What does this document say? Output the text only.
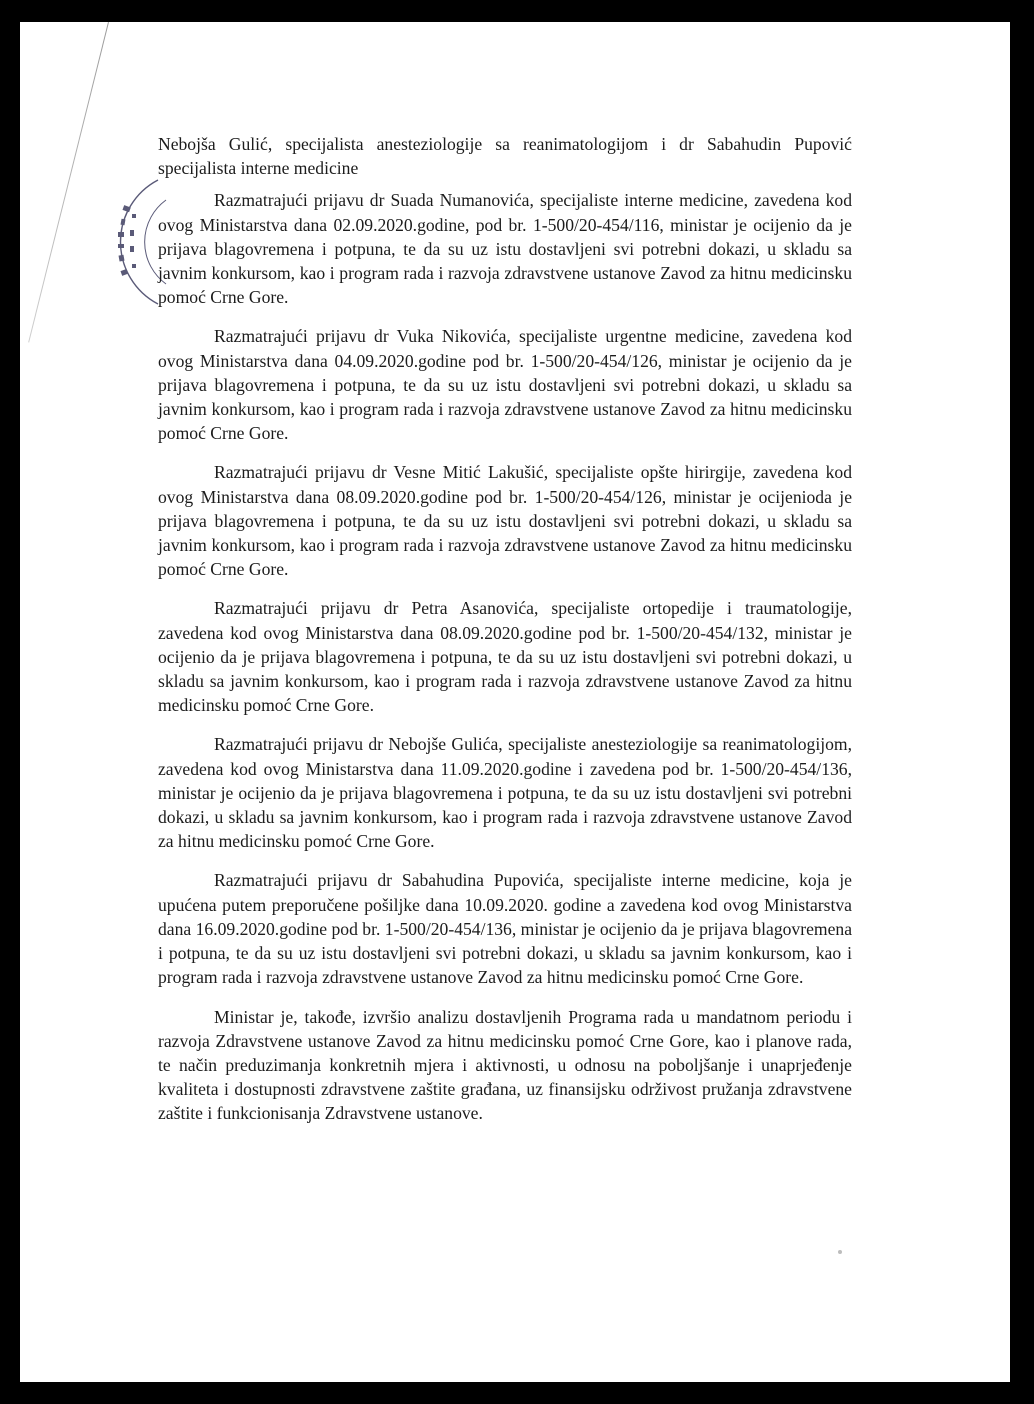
Nebojša Gulić, specijalista anesteziologije sa reanimatologijom i dr Sabahudin Pupović specijalista interne medicine

Razmatrajući prijavu dr Suada Numanovića, specijaliste interne medicine, zavedena kod ovog Ministarstva dana 02.09.2020.godine, pod br. 1-500/20-454/116, ministar je ocijenio da je prijava blagovremena i potpuna, te da su uz istu dostavljeni svi potrebni dokazi, u skladu sa javnim konkursom, kao i program rada i razvoja zdravstvene ustanove Zavod za hitnu medicinsku pomoć Crne Gore.

Razmatrajući prijavu dr Vuka Nikovića, specijaliste urgentne medicine, zavedena kod ovog Ministarstva dana 04.09.2020.godine pod br. 1-500/20-454/126, ministar je ocijenio da je prijava blagovremena i potpuna, te da su uz istu dostavljeni svi potrebni dokazi, u skladu sa javnim konkursom, kao i program rada i razvoja zdravstvene ustanove Zavod za hitnu medicinsku pomoć Crne Gore.

Razmatrajući prijavu dr Vesne Mitić Lakušić, specijaliste opšte hirirgije, zavedena kod ovog Ministarstva dana 08.09.2020.godine pod br. 1-500/20-454/126, ministar je ocijenioda je prijava blagovremena i potpuna, te da su uz istu dostavljeni svi potrebni dokazi, u skladu sa javnim konkursom, kao i program rada i razvoja zdravstvene ustanove Zavod za hitnu medicinsku pomoć Crne Gore.

Razmatrajući prijavu dr Petra Asanovića, specijaliste ortopedije i traumatologije, zavedena kod ovog Ministarstva dana 08.09.2020.godine pod br. 1-500/20-454/132, ministar je ocijenio da je prijava blagovremena i potpuna, te da su uz istu dostavljeni svi potrebni dokazi, u skladu sa javnim konkursom, kao i program rada i razvoja zdravstvene ustanove Zavod za hitnu medicinsku pomoć Crne Gore.

Razmatrajući prijavu dr Nebojše Gulića, specijaliste anesteziologije sa reanimatologijom, zavedena kod ovog Ministarstva dana 11.09.2020.godine i zavedena pod br. 1-500/20-454/136, ministar je ocijenio da je prijava blagovremena i potpuna, te da su uz istu dostavljeni svi potrebni dokazi, u skladu sa javnim konkursom, kao i program rada i razvoja zdravstvene ustanove Zavod za hitnu medicinsku pomoć Crne Gore.

Razmatrajući prijavu dr Sabahudina Pupovića, specijaliste interne medicine, koja je upućena putem preporučene pošiljke dana 10.09.2020. godine a zavedena kod ovog Ministarstva dana 16.09.2020.godine pod br. 1-500/20-454/136, ministar je ocijenio da je prijava blagovremena i potpuna, te da su uz istu dostavljeni svi potrebni dokazi, u skladu sa javnim konkursom, kao i program rada i razvoja zdravstvene ustanove Zavod za hitnu medicinsku pomoć Crne Gore.

Ministar je, takođe, izvršio analizu dostavljenih Programa rada u mandatnom periodu i razvoja Zdravstvene ustanove Zavod za hitnu medicinsku pomoć Crne Gore, kao i planove rada, te način preduzimanja konkretnih mjera i aktivnosti, u odnosu na poboljšanje i unaprjeđenje kvaliteta i dostupnosti zdravstvene zaštite građana, uz finansijsku održivost pružanja zdravstvene zaštite i funkcionisanja Zdravstvene ustanove.
